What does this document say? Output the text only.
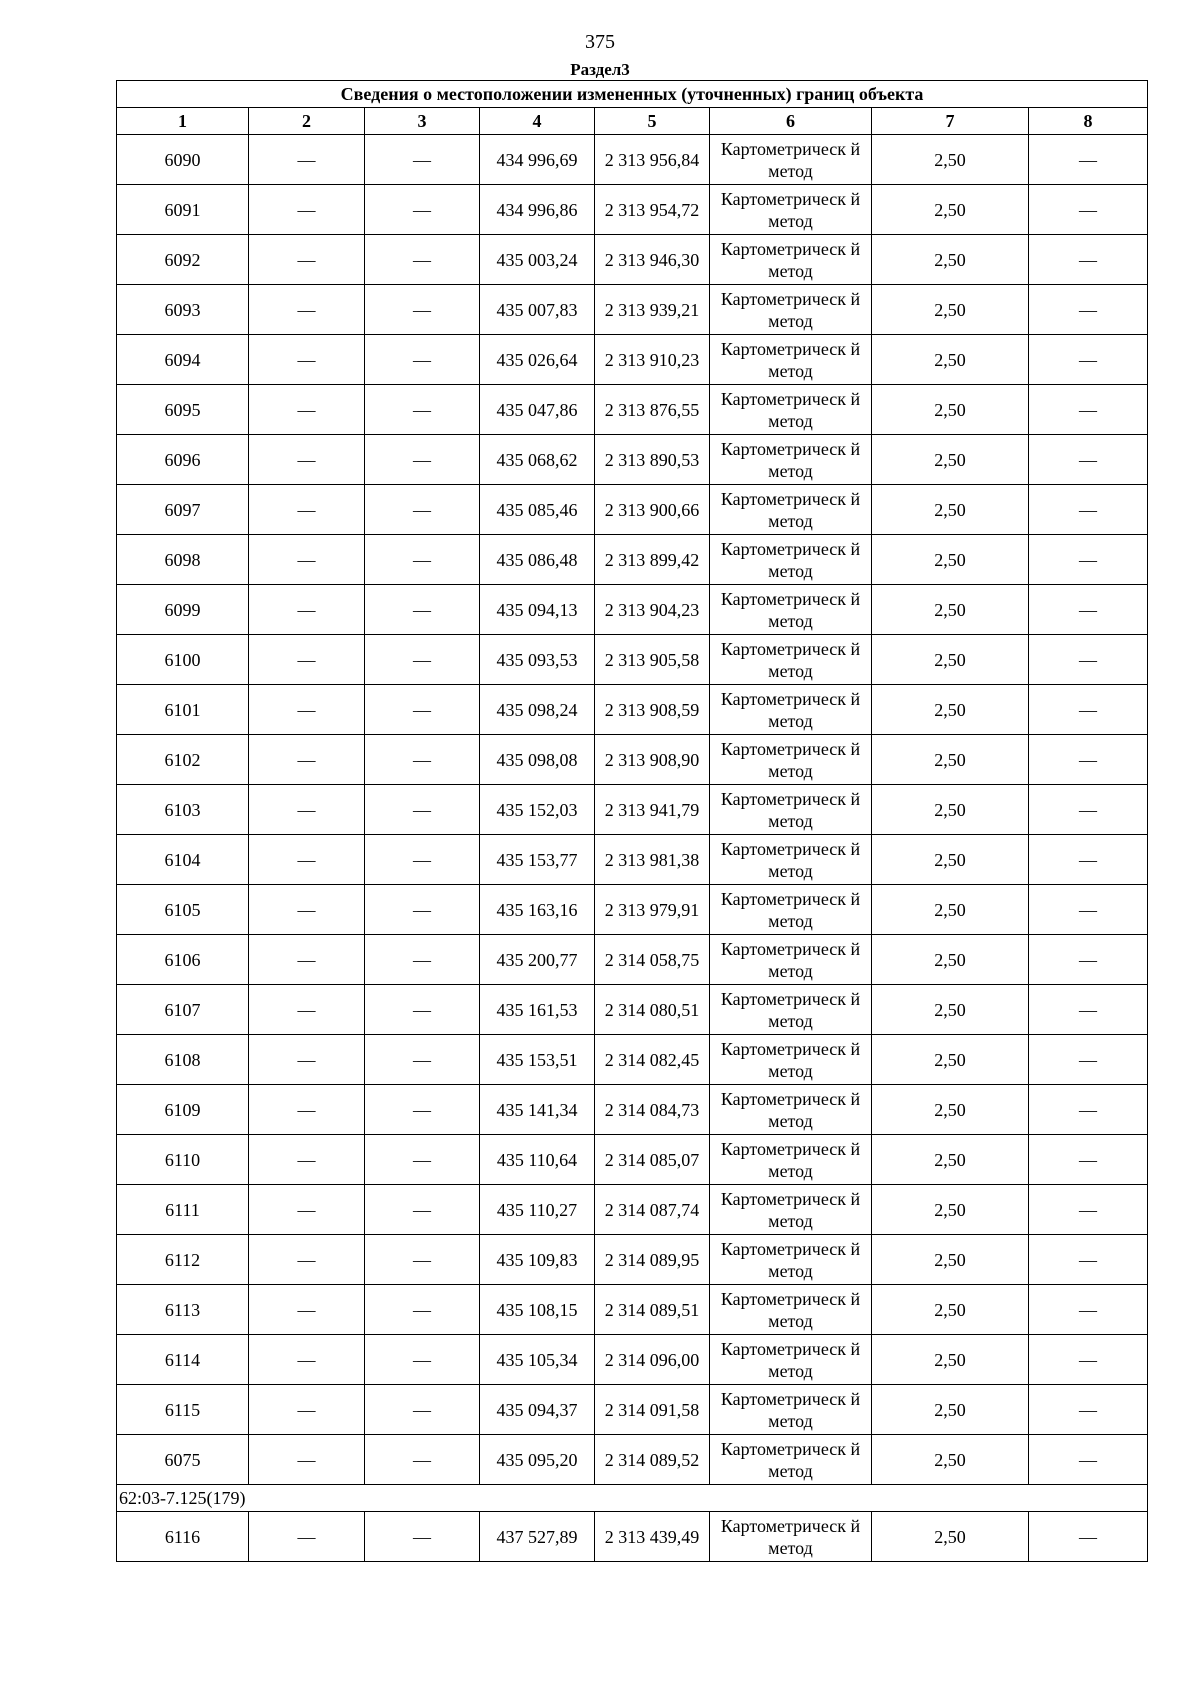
375
Раздел3
Сведения о местоположении измененных (уточненных) границ объекта							
1	2	3	4	5	6	7	8
6090	—	—	434 996,69	2 313 956,84	Картометрическ й метод	2,50	—
6091	—	—	434 996,86	2 313 954,72	Картометрическ й метод	2,50	—
6092	—	—	435 003,24	2 313 946,30	Картометрическ й метод	2,50	—
6093	—	—	435 007,83	2 313 939,21	Картометрическ й метод	2,50	—
6094	—	—	435 026,64	2 313 910,23	Картометрическ й метод	2,50	—
6095	—	—	435 047,86	2 313 876,55	Картометрическ й метод	2,50	—
6096	—	—	435 068,62	2 313 890,53	Картометрическ й метод	2,50	—
6097	—	—	435 085,46	2 313 900,66	Картометрическ й метод	2,50	—
6098	—	—	435 086,48	2 313 899,42	Картометрическ й метод	2,50	—
6099	—	—	435 094,13	2 313 904,23	Картометрическ й метод	2,50	—
6100	—	—	435 093,53	2 313 905,58	Картометрическ й метод	2,50	—
6101	—	—	435 098,24	2 313 908,59	Картометрическ й метод	2,50	—
6102	—	—	435 098,08	2 313 908,90	Картометрическ й метод	2,50	—
6103	—	—	435 152,03	2 313 941,79	Картометрическ й метод	2,50	—
6104	—	—	435 153,77	2 313 981,38	Картометрическ й метод	2,50	—
6105	—	—	435 163,16	2 313 979,91	Картометрическ й метод	2,50	—
6106	—	—	435 200,77	2 314 058,75	Картометрическ й метод	2,50	—
6107	—	—	435 161,53	2 314 080,51	Картометрическ й метод	2,50	—
6108	—	—	435 153,51	2 314 082,45	Картометрическ й метод	2,50	—
6109	—	—	435 141,34	2 314 084,73	Картометрическ й метод	2,50	—
6110	—	—	435 110,64	2 314 085,07	Картометрическ й метод	2,50	—
6111	—	—	435 110,27	2 314 087,74	Картометрическ й метод	2,50	—
6112	—	—	435 109,83	2 314 089,95	Картометрическ й метод	2,50	—
6113	—	—	435 108,15	2 314 089,51	Картометрическ й метод	2,50	—
6114	—	—	435 105,34	2 314 096,00	Картометрическ й метод	2,50	—
6115	—	—	435 094,37	2 314 091,58	Картометрическ й метод	2,50	—
6075	—	—	435 095,20	2 314 089,52	Картометрическ й метод	2,50	—
62:03-7.125(179)							
6116	—	—	437 527,89	2 313 439,49	Картометрическ й метод	2,50	—
